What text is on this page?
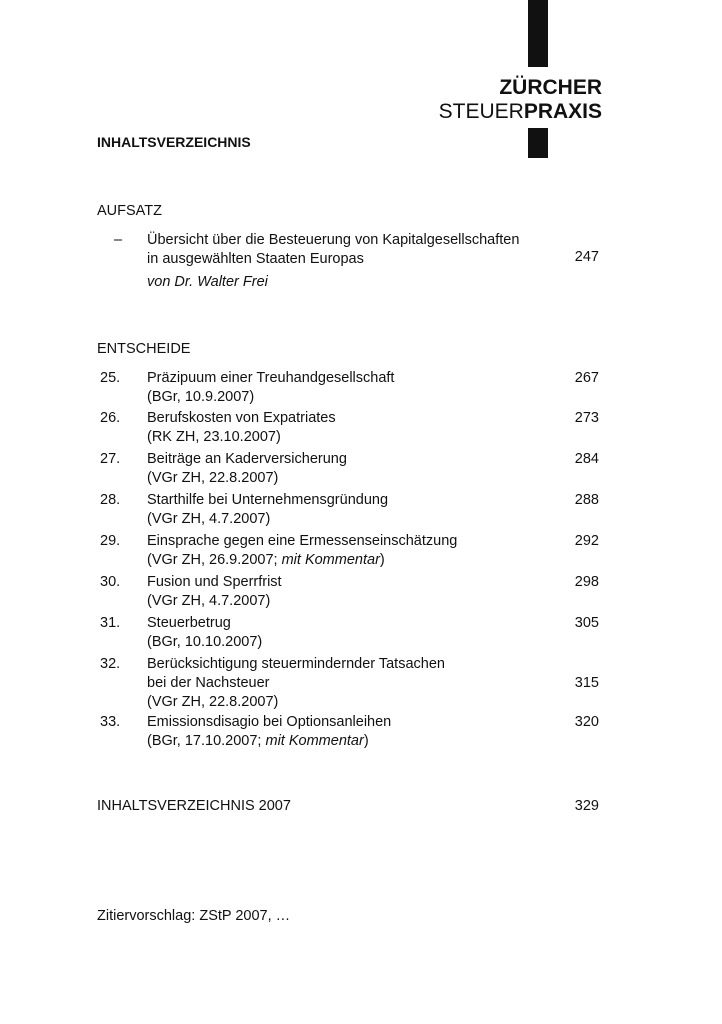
ZÜRCHER
STEUERPRAXIS
INHALTSVERZEICHNIS
AUFSATZ
– Übersicht über die Besteuerung von Kapitalgesellschaften
in ausgewählten Staaten Europas
von Dr. Walter Frei
247
ENTSCHEIDE
25. Präzipuum einer Treuhandgesellschaft
(BGr, 10.9.2007)
267
26. Berufskosten von Expatriates
(RK ZH, 23.10.2007)
273
27. Beiträge an Kaderversicherung
(VGr ZH, 22.8.2007)
284
28. Starthilfe bei Unternehmensgründung
(VGr ZH, 4.7.2007)
288
29. Einsprache gegen eine Ermessenseinschätzung
(VGr ZH, 26.9.2007; mit Kommentar)
292
30. Fusion und Sperrfrist
(VGr ZH, 4.7.2007)
298
31. Steuerbetrug
(BGr, 10.10.2007)
305
32. Berücksichtigung steuermindernder Tatsachen
bei der Nachsteuer
(VGr ZH, 22.8.2007)
315
33. Emissionsdisagio bei Optionsanleihen
(BGr, 17.10.2007; mit Kommentar)
320
INHALTSVERZEICHNIS 2007	329
Zitiervorschlag: ZStP 2007, …
